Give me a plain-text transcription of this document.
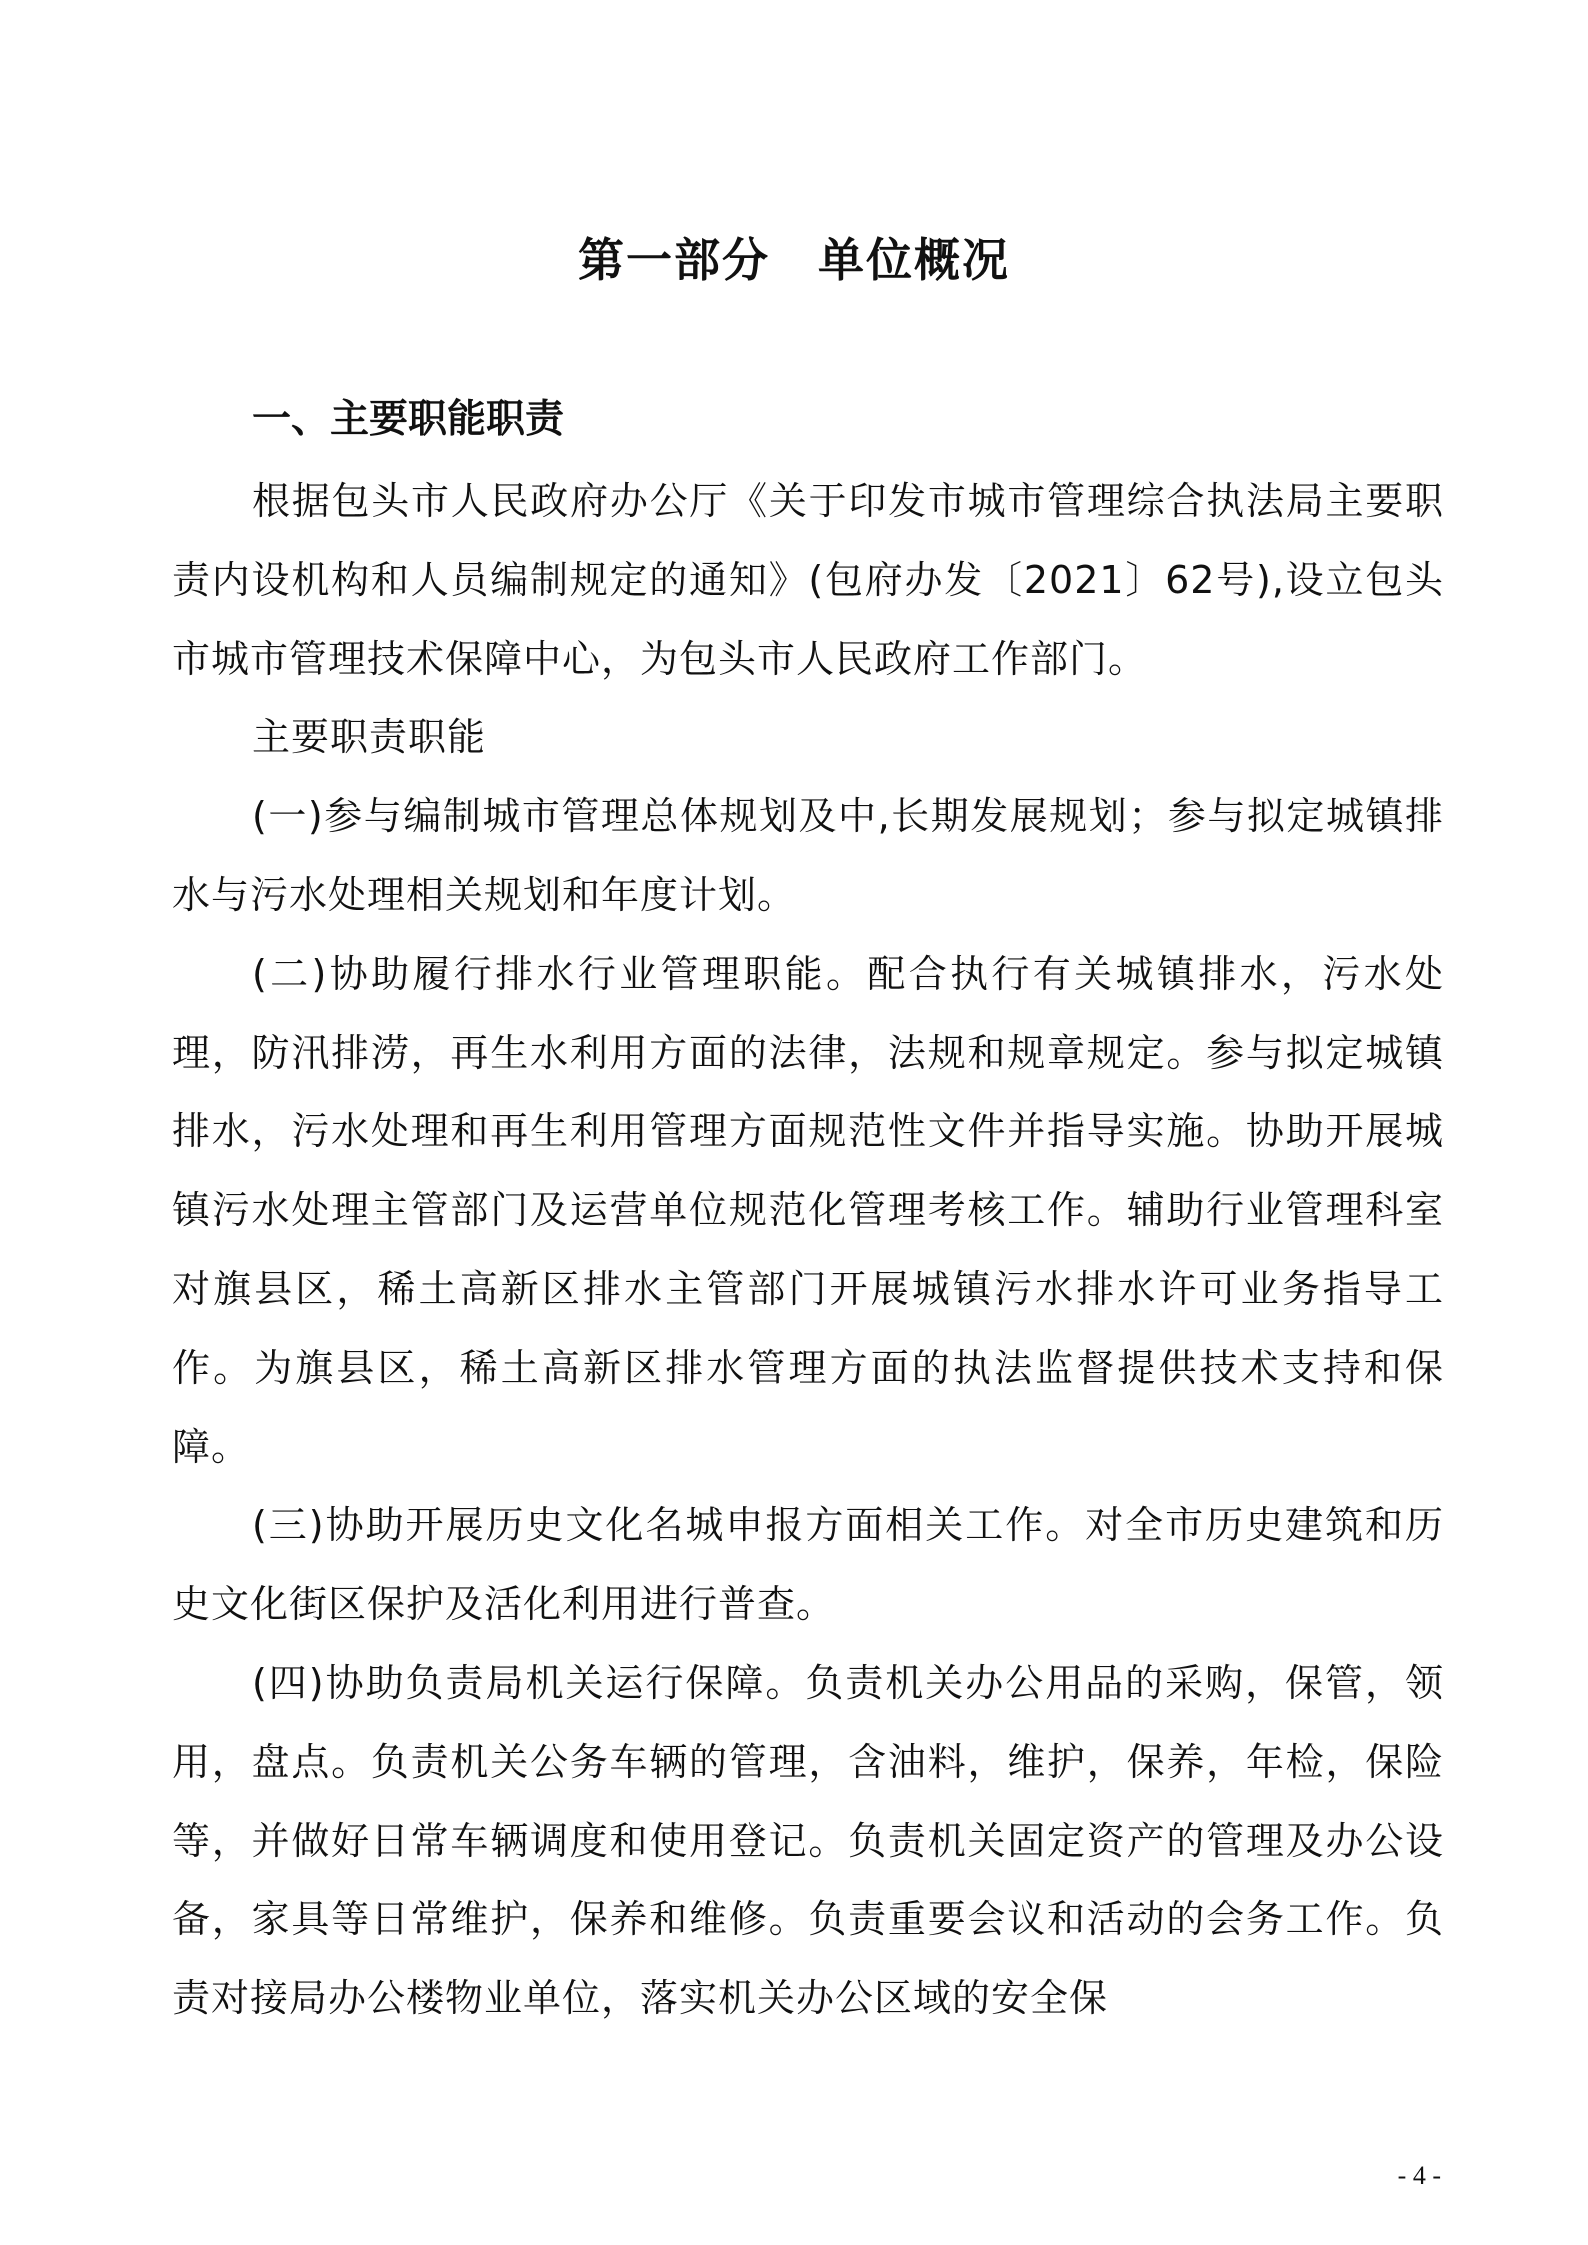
第一部分　单位概况
一、主要职能职责

根据包头市人民政府办公厅《关于印发市城市管理综合执法局主要职责内设机构和人员编制规定的通知》(包府办发〔2021〕62号),设立包头市城市管理技术保障中心，为包头市人民政府工作部门。

主要职责职能

(一)参与编制城市管理总体规划及中,长期发展规划；参与拟定城镇排水与污水处理相关规划和年度计划。

(二)协助履行排水行业管理职能。配合执行有关城镇排水，污水处理，防汛排涝，再生水利用方面的法律，法规和规章规定。参与拟定城镇排水，污水处理和再生利用管理方面规范性文件并指导实施。协助开展城镇污水处理主管部门及运营单位规范化管理考核工作。辅助行业管理科室对旗县区，稀土高新区排水主管部门开展城镇污水排水许可业务指导工作。为旗县区，稀土高新区排水管理方面的执法监督提供技术支持和保障。

(三)协助开展历史文化名城申报方面相关工作。对全市历史建筑和历史文化街区保护及活化利用进行普查。

(四)协助负责局机关运行保障。负责机关办公用品的采购，保管，领用，盘点。负责机关公务车辆的管理，含油料，维护，保养，年检，保险等，并做好日常车辆调度和使用登记。负责机关固定资产的管理及办公设备，家具等日常维护，保养和维修。负责重要会议和活动的会务工作。负责对接局办公楼物业单位，落实机关办公区域的安全保

- 4 -
